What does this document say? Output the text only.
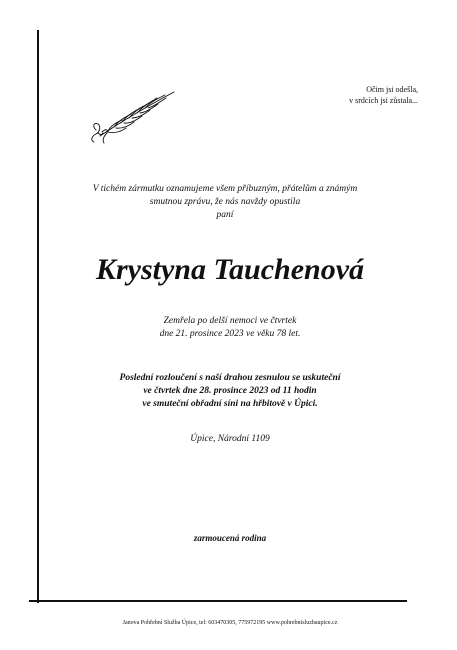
Očim jsi odešla,
v srdcích jsi zůstala...
V tichém zármutku oznamujeme všem příbuzným, přátelům a známým
smutnou zprávu, že nás navždy opustila
paní
Krystyna Tauchenová
Zemřela po delší nemoci ve čtvrtek
dne 21. prosince 2023 ve věku 78 let.
Poslední rozloučení s naší drahou zesnulou se uskuteční
ve čtvrtek dne 28. prosince 2023 od 11 hodin
ve smuteční obřadní síni na hřbitově v Úpici.
Úpice, Národní 1109
zarmoucená rodina
Janova Pohřební Služba Úpice, tel: 603470305, 775972195 www.pohrebnisluzbaupice.cz
